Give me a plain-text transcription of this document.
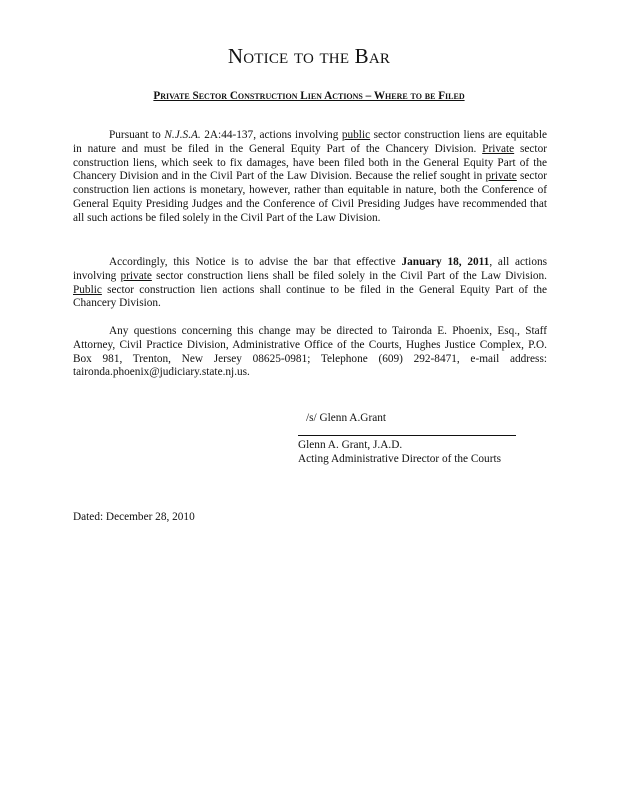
Notice to the Bar
Private Sector Construction Lien Actions – Where to be Filed

Pursuant to N.J.S.A. 2A:44-137, actions involving public sector construction liens are equitable in nature and must be filed in the General Equity Part of the Chancery Division. Private sector construction liens, which seek to fix damages, have been filed both in the General Equity Part of the Chancery Division and in the Civil Part of the Law Division. Because the relief sought in private sector construction lien actions is monetary, however, rather than equitable in nature, both the Conference of General Equity Presiding Judges and the Conference of Civil Presiding Judges have recommended that all such actions be filed solely in the Civil Part of the Law Division.

Accordingly, this Notice is to advise the bar that effective January 18, 2011, all actions involving private sector construction liens shall be filed solely in the Civil Part of the Law Division. Public sector construction lien actions shall continue to be filed in the General Equity Part of the Chancery Division.

Any questions concerning this change may be directed to Taironda E. Phoenix, Esq., Staff Attorney, Civil Practice Division, Administrative Office of the Courts, Hughes Justice Complex, P.O. Box 981, Trenton, New Jersey 08625-0981; Telephone (609) 292-8471, e-mail address: taironda.phoenix@judiciary.state.nj.us.

/s/ Glenn A.Grant
Glenn A. Grant, J.A.D.
Acting Administrative Director of the Courts
Dated: December 28, 2010
